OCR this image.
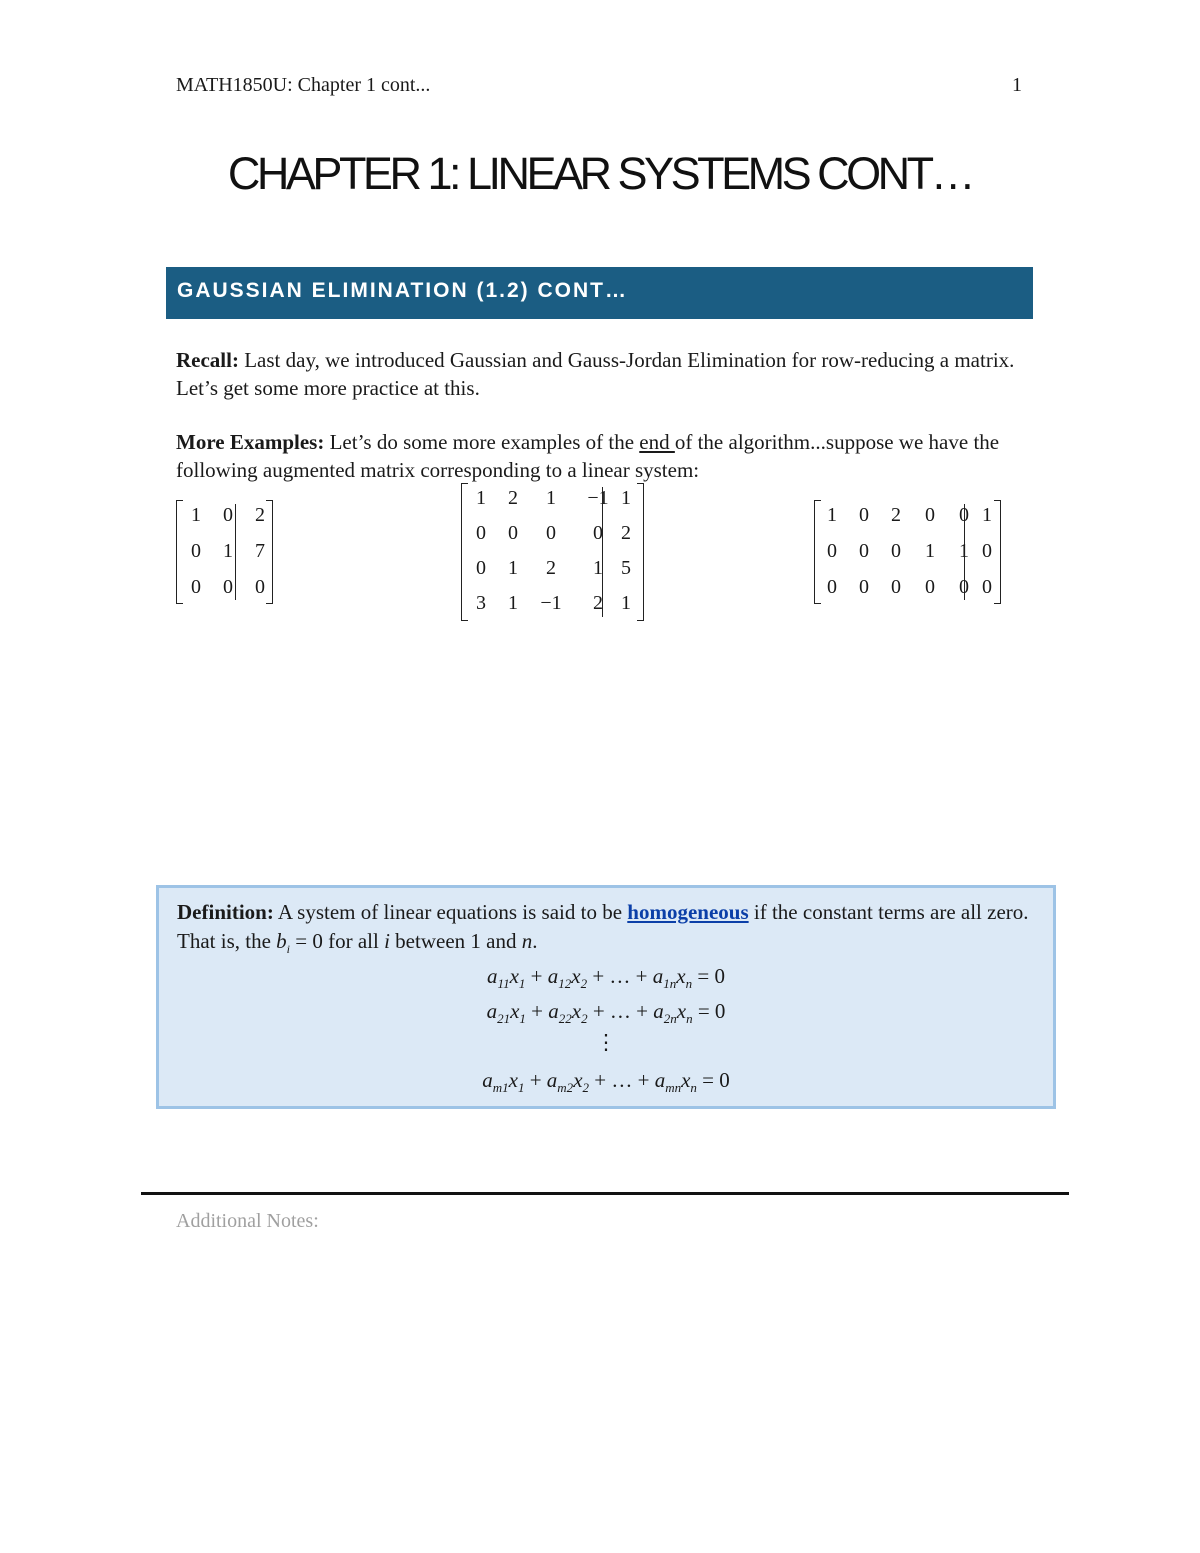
MATH1850U: Chapter 1 cont...	1
CHAPTER 1: LINEAR SYSTEMS CONT…
GAUSSIAN ELIMINATION (1.2) CONT…
Recall: Last day, we introduced Gaussian and Gauss-Jordan Elimination for row-reducing a matrix. Let’s get some more practice at this.
More Examples: Let’s do some more examples of the end of the algorithm...suppose we have the following augmented matrix corresponding to a linear system:
1	0	2
0	1	7
0	0	0
1	2	1	−1 1
0	0	0	0 2
0	1	2	1 5
3	1	−1	2 1
1	0	2	0	0 1
0	0	0	1	1 0
0	0	0	0	0 0
Definition: A system of linear equations is said to be homogeneous if the constant terms are all zero. That is, the $b_i = 0$ for all i between 1 and n.
$a_{11}x_1 + a_{12}x_2$ + … + $a_{1n}x_n = 0$
$a_{21}x_1 + a_{22}x_2$ + … + $a_{2n}x_n = 0$
⋮
$a_{m1}x_1 + a_{m2}x_2$ + … + $a_{mn}x_n = 0$
Additional Notes:
